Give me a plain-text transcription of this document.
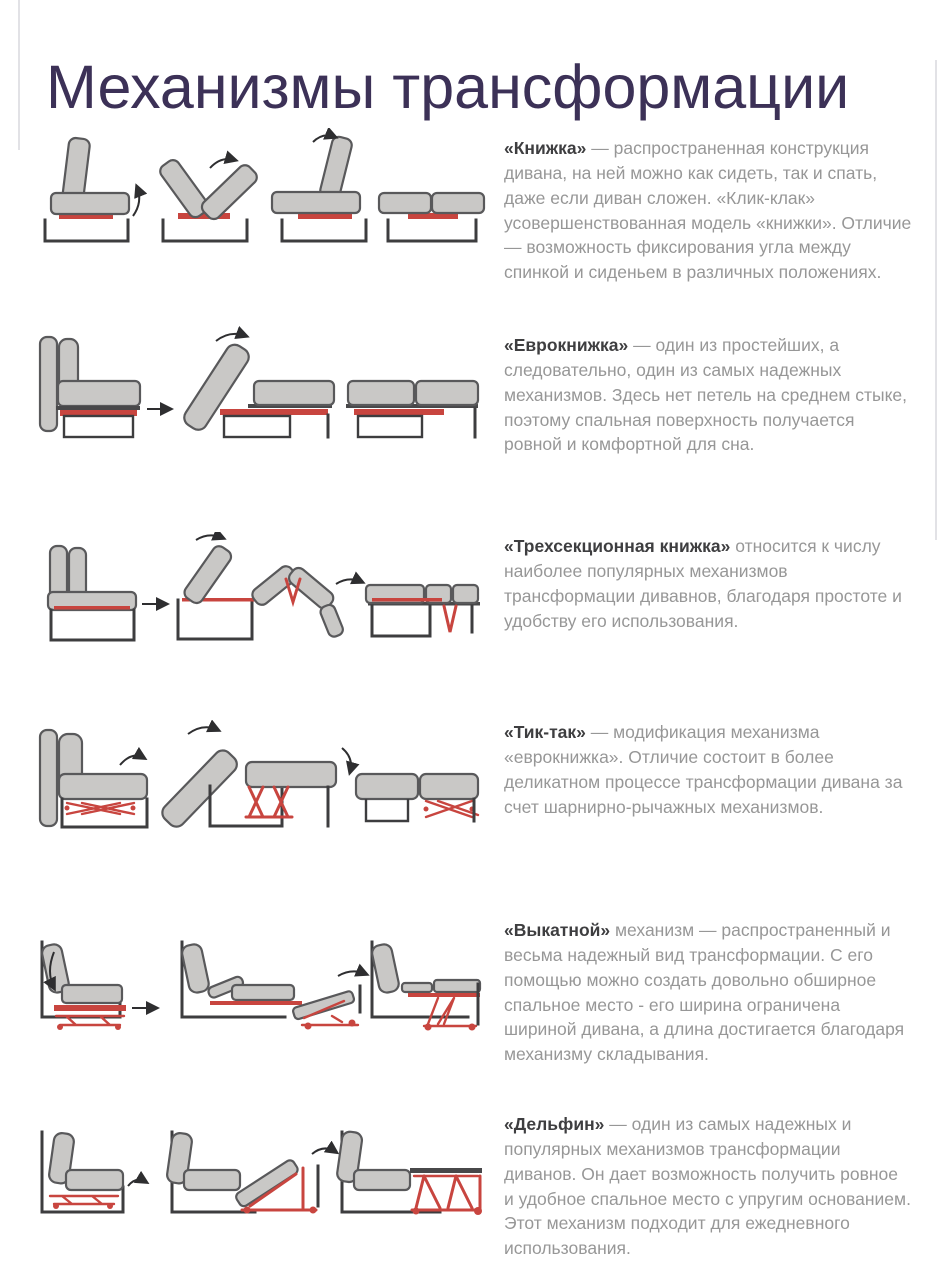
Механизмы трансформации
«Книжка» — распространенная конструкция дивана, на ней можно как сидеть, так и спать, даже если диван сложен. «Клик-клак» усовершенствованная модель «книжки». Отличие — возможность фиксирования угла между спинкой и сиденьем в различных положениях.
«Еврокнижка» — один из простейших, а следовательно, один из самых надежных механизмов. Здесь нет петель на среднем стыке, поэтому спальная поверхность получается ровной и комфортной для сна.
«Трехсекционная книжка» относится к числу наиболее популярных механизмов трансформации дивавнов, благодаря простоте и удобству его использования.
«Тик-так» — модификация механизма «еврокнижка». Отличие состоит в более деликатном процессе трансформации дивана за счет шарнирно-рычажных механизмов.
«Выкатной» механизм — распространенный и весьма надежный вид трансформации. С его помощью можно создать довольно обширное спальное место - его ширина ограничена шириной дивана, а длина достигается благодаря механизму складывания.
«Дельфин» — один из самых надежных и популярных механизмов трансформации диванов. Он дает возможность получить ровное и удобное спальное место с упругим основанием. Этот механизм подходит для ежедневного использования.
